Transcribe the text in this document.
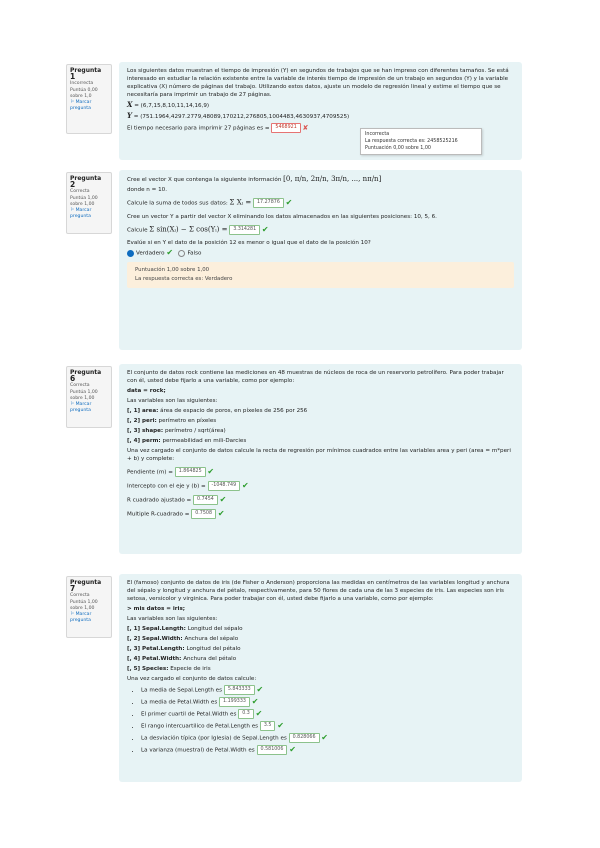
Pregunta 1
Incorrecta
Puntúa 0,00 sobre 1,0
⚐ Marcar pregunta

Los siguientes datos muestran el tiempo de impresión (Y) en segundos de trabajos que se han impreso con diferentes tamaños. Se está interesado en estudiar la relación existente entre la variable de interés tiempo de impresión de un trabajo en segundos (Y) y la variable explicativa (X) número de páginas del trabajo. Utilizando estos datos, ajuste un modelo de regresión lineal y estime el tiempo que se necesitaría para imprimir un trabajo de 27 páginas.

X = (6,7,15,8,10,11,14,16,9)

Y = (751.1964,4297.2779,48089,170212,276805,1004483,4630937,4709525)

El tiempo necesario para imprimir 27 páginas es = 5468921 ✘

Incorrecta
La respuesta correcta es: 2458525216
Puntuación 0,00 sobre 1,00
Pregunta 2
Correcta
Puntúa 1,00 sobre 1,00
⚐ Marcar pregunta

Cree el vector X que contenga la siguiente información [0, π/n, 2π/n, 3π/n, ..., nπ/n]

donde n = 10.

Calcule la suma de todos sus datos: Σ Xᵢ = 17.27876 ✔

Cree un vector Y a partir del vector X eliminando los datos almacenados en las siguientes posiciones: 10, 5, 6.

Calcule Σ sin(Xᵢ) − Σ cos(Yᵢ) = 3.314281 ✔

Evalúe si en Y el dato de la posición 12 es menor o igual que el dato de la posición 10?

Verdadero ✔	Falso

Puntuación 1,00 sobre 1,00
La respuesta correcta es: Verdadero
Pregunta 6
Correcta
Puntúa 1,00 sobre 1,00
⚐ Marcar pregunta

El conjunto de datos rock contiene las mediciones en 48 muestras de núcleos de roca de un reservorio petrolífero. Para poder trabajar con él, usted debe fijarlo a una variable, como por ejemplo:

data = rock;

Las variables son las siguientes:

[, 1] area: área de espacio de poros, en píxeles de 256 por 256

[, 2] peri: perímetro en píxeles

[, 3] shape: perímetro / sqrt(área)

[, 4] perm: permeabilidad en mili-Darcies

Una vez cargado el conjunto de datos calcule la recta de regresión por mínimos cuadrados entre las variables area y peri (area = m*peri + b) y complete:

Pendiente (m) = 1.864825 ✔

Intercepto con el eje y (b) = -1048.749 ✔

R cuadrado ajustado = 0.7454 ✔

Multiple R-cuadrado = 0.7508 ✔

Pregunta 7
Correcta
Puntúa 1,00 sobre 1,00
⚐ Marcar pregunta

El (famoso) conjunto de datos de iris (de Fisher o Anderson) proporciona las medidas en centímetros de las variables longitud y anchura del sépalo y longitud y anchura del pétalo, respectivamente, para 50 flores de cada una de las 3 especies de iris. Las especies son iris setosa, versicolor y virginica. Para poder trabajar con él, usted debe fijarlo a una variable, como por ejemplo:

> mis datos = iris;

Las variables son las siguientes:

[, 1] Sepal.Length: Longitud del sépalo

[, 2] Sepal.Width: Anchura del sépalo

[, 3] Petal.Length: Longitud del pétalo

[, 4] Petal.Width: Anchura del pétalo

[, 5] Species: Especie de iris

Una vez cargado el conjunto de datos calcule:

• La media de Sepal.Length es 5.843333 ✔
• La media de Petal.Width es 1.199333 ✔
• El primer cuartil de Petal.Width es 0.3 ✔
• El rango intercuartilico de Petal.Length es 3.5 ✔
• La desviación típica (por Iglesia) de Sepal.Length es 0.828066 ✔
• La varianza (muestral) de Petal.Width es 0.581006 ✔
